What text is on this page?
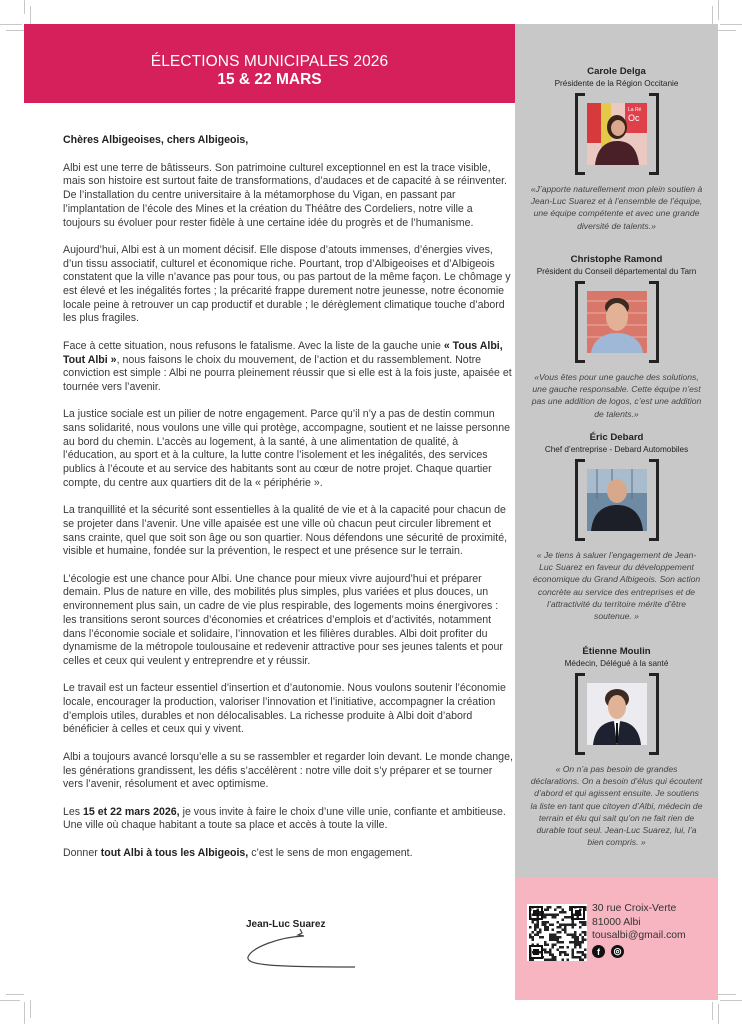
ÉLECTIONS MUNICIPALES 2026
15 & 22 MARS

Chères Albigeoises, chers Albigeois,

Albi est une terre de bâtisseurs. Son patrimoine culturel exceptionnel en est la trace visible, mais son histoire est surtout faite de transformations, d’audaces et de capacité à se réinventer. De l’installation du centre universitaire à la métamorphose du Vigan, en passant par l’implantation de l’école des Mines et la création du Théâtre des Cordeliers, notre ville a toujours su évoluer pour rester fidèle à une certaine idée du progrès et de l’humanisme.

Aujourd’hui, Albi est à un moment décisif. Elle dispose d’atouts immenses, d’énergies vives, d’un tissu associatif, culturel et économique riche. Pourtant, trop d’Albigeoises et d’Albigeois constatent que la ville n’avance pas pour tous, ou pas partout de la même façon. Le chômage y est élevé et les inégalités fortes ; la précarité frappe durement notre jeunesse, notre économie locale peine à retrouver un cap productif et durable ; le dérèglement climatique touche d’abord les plus fragiles.

Face à cette situation, nous refusons le fatalisme. Avec la liste de la gauche unie « Tous Albi, Tout Albi », nous faisons le choix du mouvement, de l’action et du rassemblement. Notre conviction est simple : Albi ne pourra pleinement réussir que si elle est à la fois juste, apaisée et tournée vers l’avenir.

La justice sociale est un pilier de notre engagement. Parce qu’il n’y a pas de destin commun sans solidarité, nous voulons une ville qui protège, accompagne, soutient et ne laisse personne au bord du chemin. L’accès au logement, à la santé, à une alimentation de qualité, à l’éducation, au sport et à la culture, la lutte contre l’isolement et les inégalités, des services publics à l’écoute et au service des habitants sont au cœur de notre projet. Chaque quartier compte, du centre aux quartiers dit de la « périphérie ».

La tranquillité et la sécurité sont essentielles à la qualité de vie et à la capacité pour chacun de se projeter dans l’avenir. Une ville apaisée est une ville où chacun peut circuler librement et sans crainte, quel que soit son âge ou son quartier. Nous défendons une sécurité de proximité, visible et humaine, fondée sur la prévention, le respect et une présence sur le terrain.

L’écologie est une chance pour Albi. Une chance pour mieux vivre aujourd’hui et préparer demain. Plus de nature en ville, des mobilités plus simples, plus variées et plus douces, un environnement plus sain, un cadre de vie plus respirable, des logements moins énergivores : les transitions seront sources d’économies et créatrices d’emplois et d’activités, notamment dans l’économie sociale et solidaire, l’innovation et les filières durables. Albi doit profiter du dynamisme de la métropole toulousaine et redevenir attractive pour ses jeunes talents et pour celles et ceux qui veulent y entreprendre et y réussir.

Le travail est un facteur essentiel d’insertion et d’autonomie. Nous voulons soutenir l’économie locale, encourager la production, valoriser l’innovation et l’initiative, accompagner la création d’emplois utiles, durables et non délocalisables. La richesse produite à Albi doit d’abord bénéficier à celles et ceux qui y vivent.

Albi a toujours avancé lorsqu’elle a su se rassembler et regarder loin devant. Le monde change, les générations grandissent, les défis s’accélèrent : notre ville doit s’y préparer et se tourner vers l’avenir, résolument et avec optimisme.

Les 15 et 22 mars 2026, je vous invite à faire le choix d’une ville unie, confiante et ambitieuse. Une ville où chaque habitant a toute sa place et accès à toute la ville.

Donner tout Albi à tous les Albigeois, c’est le sens de mon engagement.

Jean-Luc Suarez
Carole Delga
Présidente de la Région Occitanie
La Ré
Oc
«J’apporte naturellement mon plein soutien à Jean-Luc Suarez et à l’ensemble de l’équipe, une équipe compétente et avec une grande diversité de talents.»
Christophe Ramond
Président du Conseil départemental du Tarn
«Vous êtes pour une gauche des solutions, une gauche responsable. Cette équipe n’est pas une addition de logos, c’est une addition de talents.»
Éric Debard
Chef d’entreprise - Debard Automobiles
« Je tiens à saluer l’engagement de Jean-Luc Suarez en faveur du développement économique du Grand Albigeois. Son action concrète au service des entreprises et de l’attractivité du territoire mérite d’être soutenue. »
Étienne Moulin
Médecin, Délégué à la santé
« On n’a pas besoin de grandes déclarations. On a besoin d’élus qui écoutent d’abord et qui agissent ensuite. Je soutiens la liste en tant que citoyen d’Albi, médecin de terrain et élu qui sait qu’on ne fait rien de durable tout seul. Jean-Luc Suarez, lui, l’a bien compris. »
30 rue Croix-Verte
81000 Albi
tousalbi@gmail.com
f	◎
